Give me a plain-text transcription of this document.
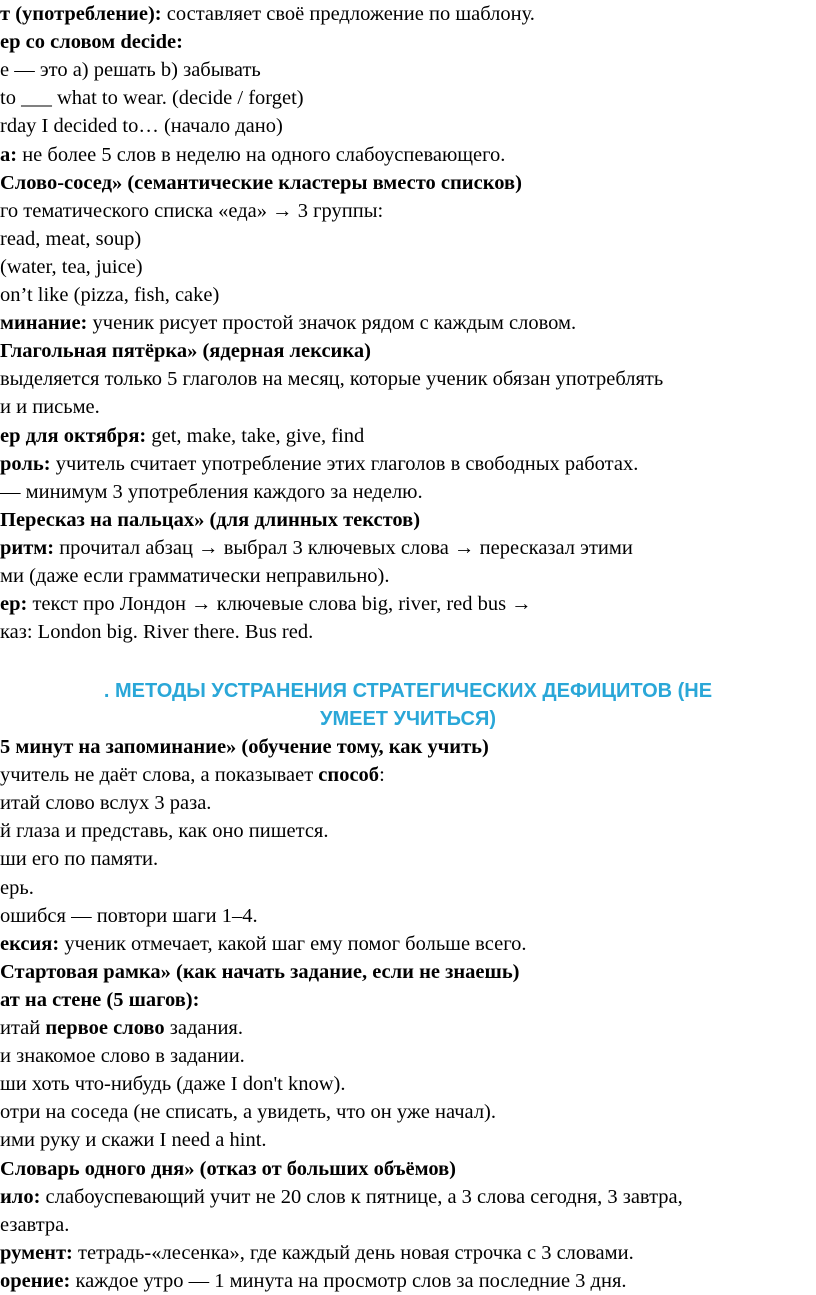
т (употребление): составляет своё предложение по шаблону.
ер со словом decide:
e — это a) решать b) забывать
to ___ what to wear. (decide / forget)
rday I decided to… (начало дано)
а: не более 5 слов в неделю на одного слабоуспевающего.
Слово-сосед» (семантические кластеры вместо списков)
го тематического списка «еда» → 3 группы:
read, meat, soup)
(water, tea, juice)
on’t like (pizza, fish, cake)
минание: ученик рисует простой значок рядом с каждым словом.
Глагольная пятёрка» (ядерная лексика)
выделяется только 5 глаголов на месяц, которые ученик обязан употреблять
и и письме.
ер для октября: get, make, take, give, find
роль: учитель считает употребление этих глаголов в свободных работах.
— минимум 3 употребления каждого за неделю.
Пересказ на пальцах» (для длинных текстов)
ритм: прочитал абзац → выбрал 3 ключевых слова → пересказал этими
ми (даже если грамматически неправильно).
ер: текст про Лондон → ключевые слова big, river, red bus →
каз: London big. River there. Bus red.
. МЕТОДЫ УСТРАНЕНИЯ СТРАТЕГИЧЕСКИХ ДЕФИЦИТОВ (НЕ
УМЕЕТ УЧИТЬСЯ)
5 минут на запоминание» (обучение тому, как учить)
учитель не даёт слова, а показывает способ:
итай слово вслух 3 раза.
й глаза и представь, как оно пишется.
ши его по памяти.
ерь.
ошибся — повтори шаги 1–4.
ексия: ученик отмечает, какой шаг ему помог больше всего.
Стартовая рамка» (как начать задание, если не знаешь)
ат на стене (5 шагов):
итай первое слово задания.
и знакомое слово в задании.
ши хоть что-нибудь (даже I don't know).
отри на соседа (не списать, а увидеть, что он уже начал).
ими руку и скажи I need a hint.
Словарь одного дня» (отказ от больших объёмов)
ило: слабоуспевающий учит не 20 слов к пятнице, а 3 слова сегодня, 3 завтра,
езавтра.
румент: тетрадь-«лесенка», где каждый день новая строчка с 3 словами.
орение: каждое утро — 1 минута на просмотр слов за последние 3 дня.
